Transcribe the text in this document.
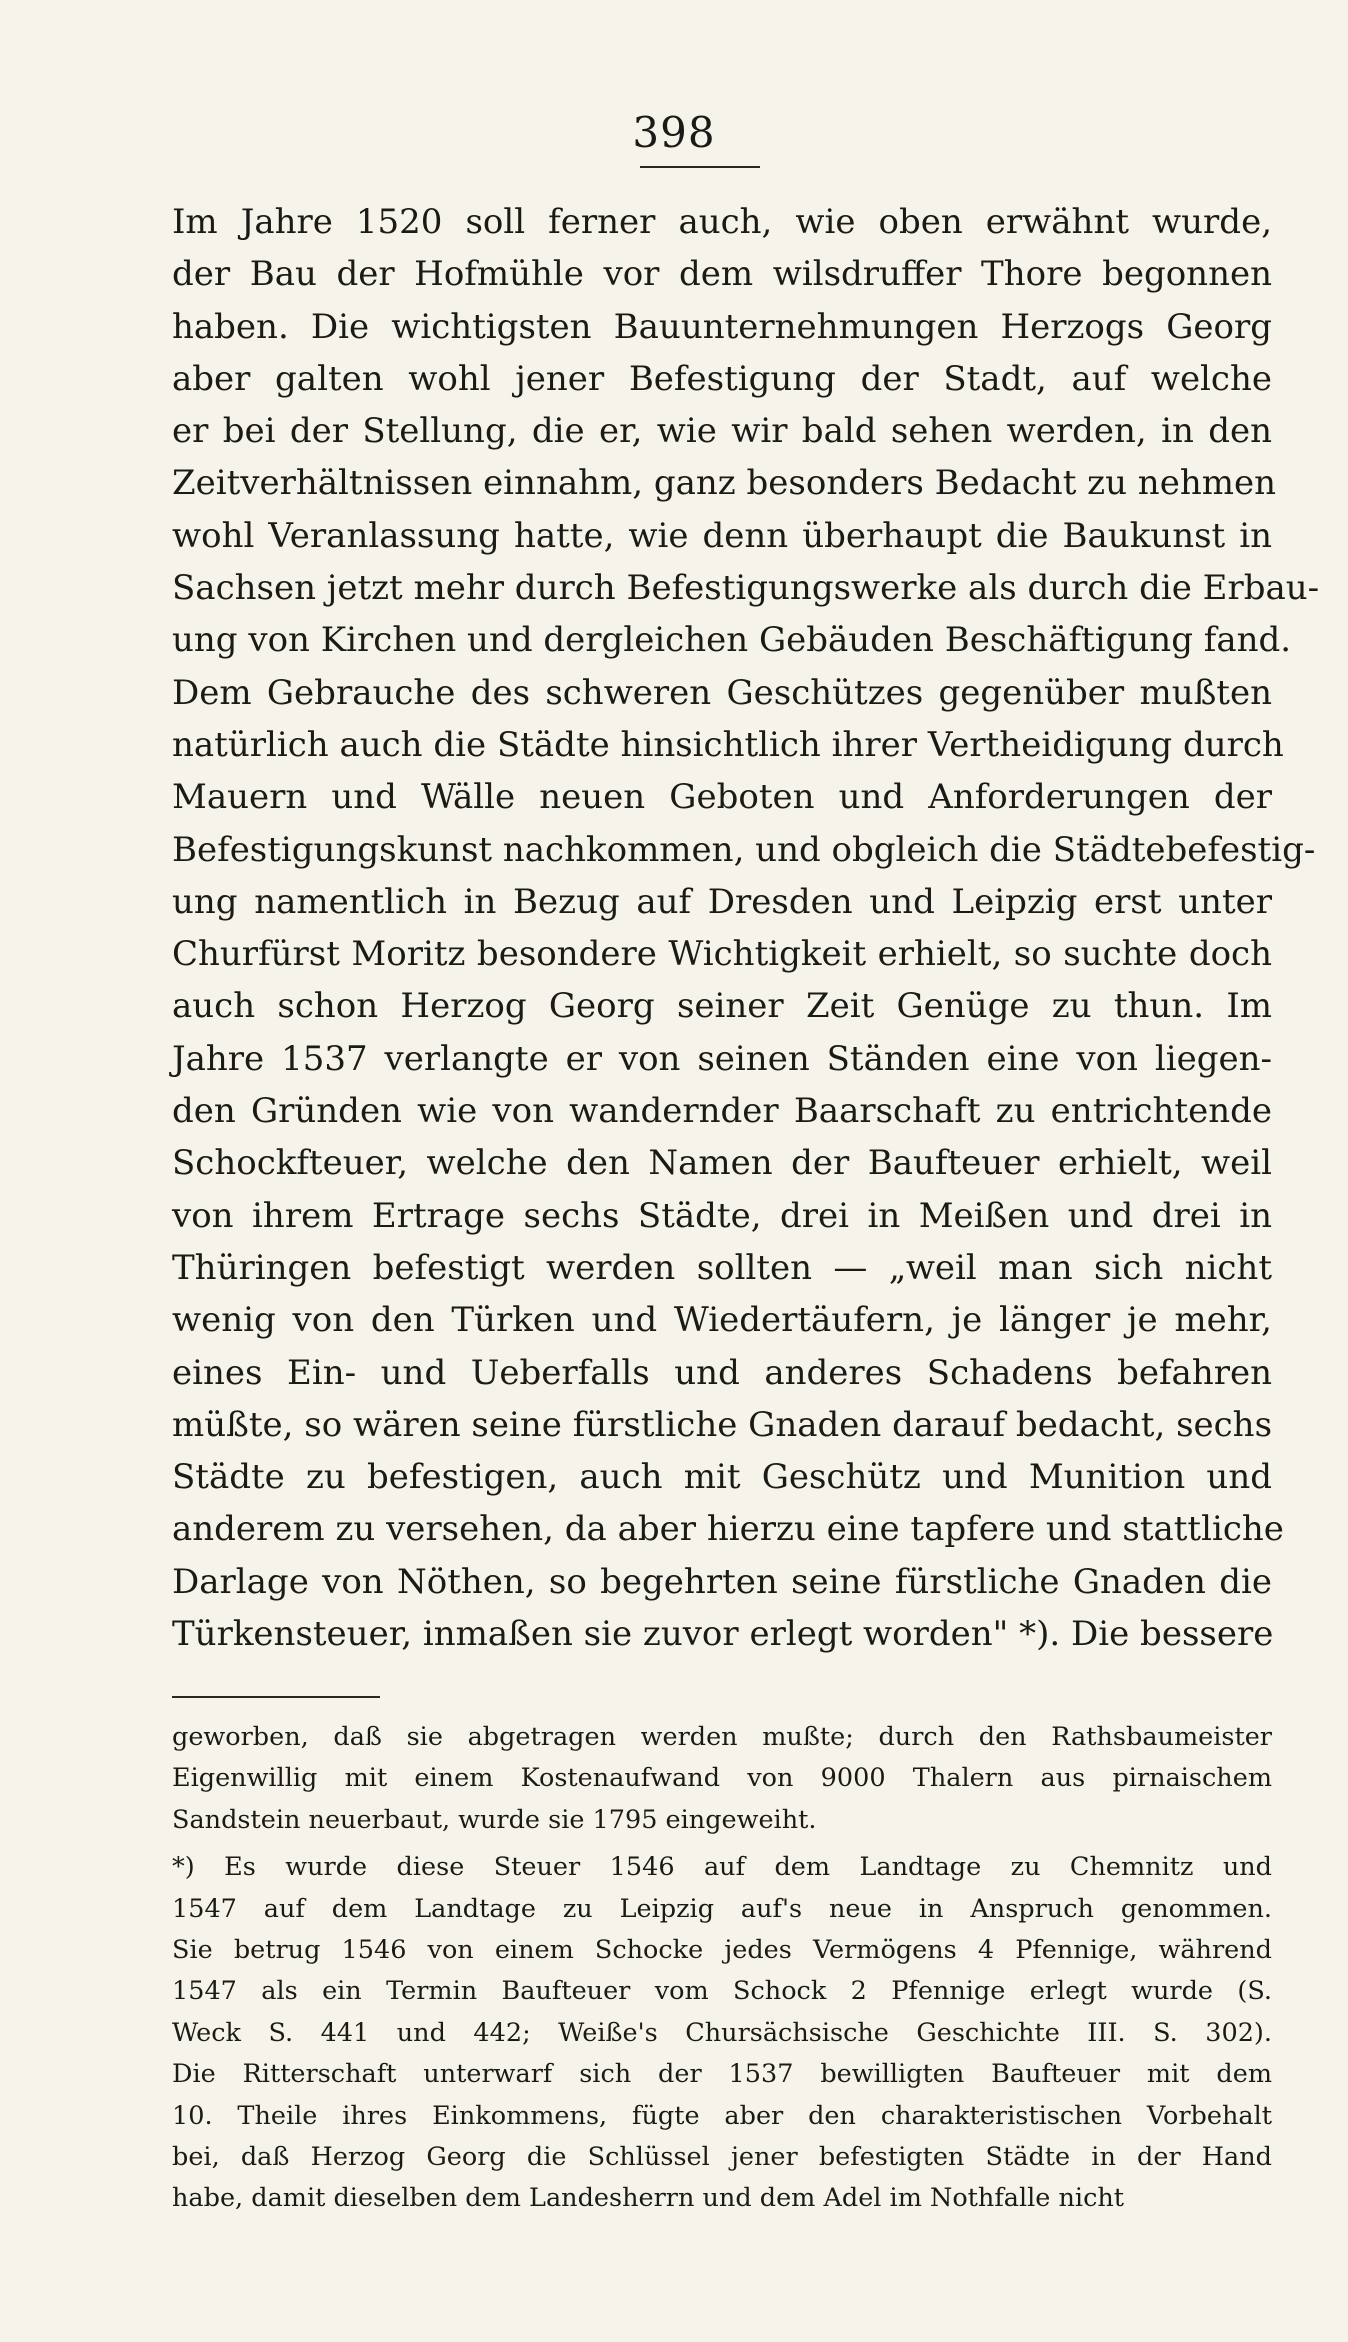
398
Im Jahre 1520 soll ferner auch, wie oben erwähnt wurde,
der Bau der Hofmühle vor dem wilsdruffer Thore begonnen
haben. Die wichtigsten Bauunternehmungen Herzogs Georg
aber galten wohl jener Befestigung der Stadt, auf welche
er bei der Stellung, die er, wie wir bald sehen werden, in den
Zeitverhältnissen einnahm, ganz besonders Bedacht zu nehmen
wohl Veranlassung hatte, wie denn überhaupt die Baukunst in
Sachsen jetzt mehr durch Befestigungswerke als durch die Erbau-
ung von Kirchen und dergleichen Gebäuden Beschäftigung fand.
Dem Gebrauche des schweren Geschützes gegenüber mußten
natürlich auch die Städte hinsichtlich ihrer Vertheidigung durch
Mauern und Wälle neuen Geboten und Anforderungen der
Befestigungskunst nachkommen, und obgleich die Städtebefestig-
ung namentlich in Bezug auf Dresden und Leipzig erst unter
Churfürst Moritz besondere Wichtigkeit erhielt, so suchte doch
auch schon Herzog Georg seiner Zeit Genüge zu thun. Im
Jahre 1537 verlangte er von seinen Ständen eine von liegen-
den Gründen wie von wandernder Baarschaft zu entrichtende
Schockfteuer, welche den Namen der Baufteuer erhielt, weil
von ihrem Ertrage sechs Städte, drei in Meißen und drei in
Thüringen befestigt werden sollten — „weil man sich nicht
wenig von den Türken und Wiedertäufern, je länger je mehr,
eines Ein- und Ueberfalls und anderes Schadens befahren
müßte, so wären seine fürstliche Gnaden darauf bedacht, sechs
Städte zu befestigen, auch mit Geschütz und Munition und
anderem zu versehen, da aber hierzu eine tapfere und stattliche
Darlage von Nöthen, so begehrten seine fürstliche Gnaden die
Türkensteuer, inmaßen sie zuvor erlegt worden" *). Die bessere
geworben, daß sie abgetragen werden mußte; durch den Rathsbaumeister
Eigenwillig mit einem Kostenaufwand von 9000 Thalern aus pirnaischem
Sandstein neuerbaut, wurde sie 1795 eingeweiht.
*) Es wurde diese Steuer 1546 auf dem Landtage zu Chemnitz und
1547 auf dem Landtage zu Leipzig auf's neue in Anspruch genommen.
Sie betrug 1546 von einem Schocke jedes Vermögens 4 Pfennige, während
1547 als ein Termin Baufteuer vom Schock 2 Pfennige erlegt wurde (S.
Weck S. 441 und 442; Weiße's Chursächsische Geschichte III. S. 302).
Die Ritterschaft unterwarf sich der 1537 bewilligten Baufteuer mit dem
10. Theile ihres Einkommens, fügte aber den charakteristischen Vorbehalt
bei, daß Herzog Georg die Schlüssel jener befestigten Städte in der Hand
habe, damit dieselben dem Landesherrn und dem Adel im Nothfalle nicht
